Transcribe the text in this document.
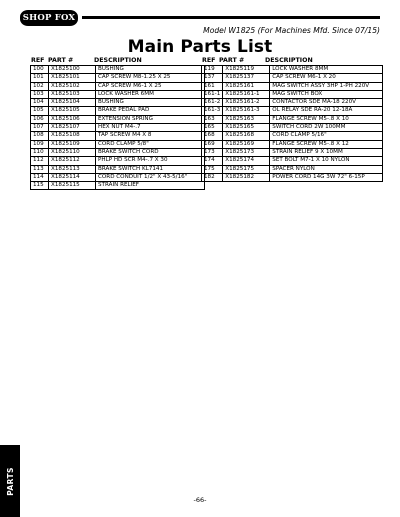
SHOP FOX
Model W1825 (For Machines Mfd. Since 07/15)
Main Parts List
REF PART #	DESCRIPTION
100	X1825100	BUSHING
101	X1825101	CAP SCREW M8-1.25 X 25
102	X1825102	CAP SCREW M6-1 X 25
103	X1825103	LOCK WASHER 6MM
104	X1825104	BUSHING
105	X1825105	BRAKE PEDAL PAD
106	X1825106	EXTENSION SPRING
107	X1825107	HEX NUT M4-.7
108	X1825108	TAP SCREW M4 X 8
109	X1825109	CORD CLAMP 5/8"
110	X1825110	BRAKE SWITCH CORD
112	X1825112	PHLP HD SCR M4-.7 X 30
113	X1825113	BRAKE SWITCH KL7141
114	X1825114	CORD CONDUIT 1/2" X 43-5/16"
115	X1825115	STRAIN RELIEF
REF PART #	DESCRIPTION
119	X1825119	LOCK WASHER 8MM
137	X1825137	CAP SCREW M6-1 X 20
161	X1825161	MAG SWITCH ASSY 3HP 1-PH 220V
161-1	X1825161-1	MAG SWITCH BOX
161-2	X1825161-2	CONTACTOR SDE MA-18 220V
161-3	X1825161-3	OL RELAY SDE RA-20 12-18A
163	X1825163	FLANGE SCREW M5-.8 X 10
165	X1825165	SWITCH CORD 2W 100MM
168	X1825168	CORD CLAMP 5/16"
169	X1825169	FLANGE SCREW M5-.8 X 12
173	X1825173	STRAIN RELIEF 9 X 10MM
174	X1825174	SET BOLT M7-1 X 10 NYLON
175	X1825175	SPACER NYLON
182	X1825182	POWER CORD 14G 3W 72" 6-15P
PARTS
-66-
